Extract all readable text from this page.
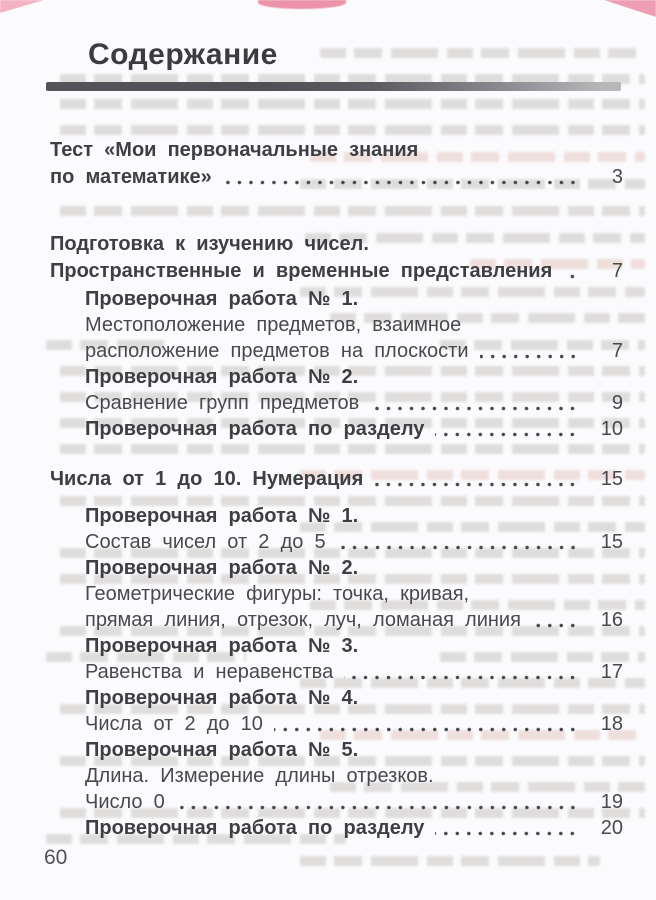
Содержание
Тест «Мои первоначальные знания
по математике»	3
Подготовка к изучению чисел.
Пространственные и временные представления	7
Проверочная работа № 1.
Местоположение предметов, взаимное
расположение предметов на плоскости	7
Проверочная работа № 2.
Сравнение групп предметов	9
Проверочная работа по разделу	10
Числа от 1 до 10. Нумерация	15
Проверочная работа № 1.
Состав чисел от 2 до 5	15
Проверочная работа № 2.
Геометрические фигуры: точка, кривая,
прямая линия, отрезок, луч, ломаная линия	16
Проверочная работа № 3.
Равенства и неравенства	17
Проверочная работа № 4.
Числа от 2 до 10	18
Проверочная работа № 5.
Длина. Измерение длины отрезков.
Число 0	19
Проверочная работа по разделу	20
60
